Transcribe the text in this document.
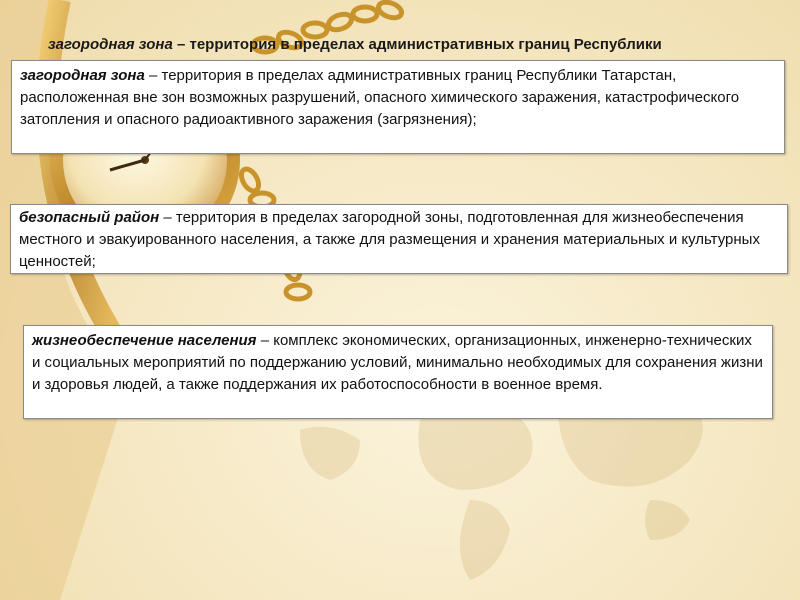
загородная зона – территория в пределах административных границ Республики
загородная зона – территория в пределах административных границ Республики Татарстан, расположенная вне зон возможных разрушений, опасного химического заражения, катастрофического затопления и опасного радиоактивного заражения (загрязнения);
безопасный район – территория в пределах загородной зоны, подготовленная для жизнеобеспечения местного и эвакуированного населения, а также для размещения и хранения материальных и культурных ценностей;
жизнеобеспечение населения – комплекс экономических, организационных, инженерно-технических и социальных мероприятий по поддержанию условий, минимально необходимых для сохранения жизни и здоровья людей, а также поддержания их работоспособности в военное время.
